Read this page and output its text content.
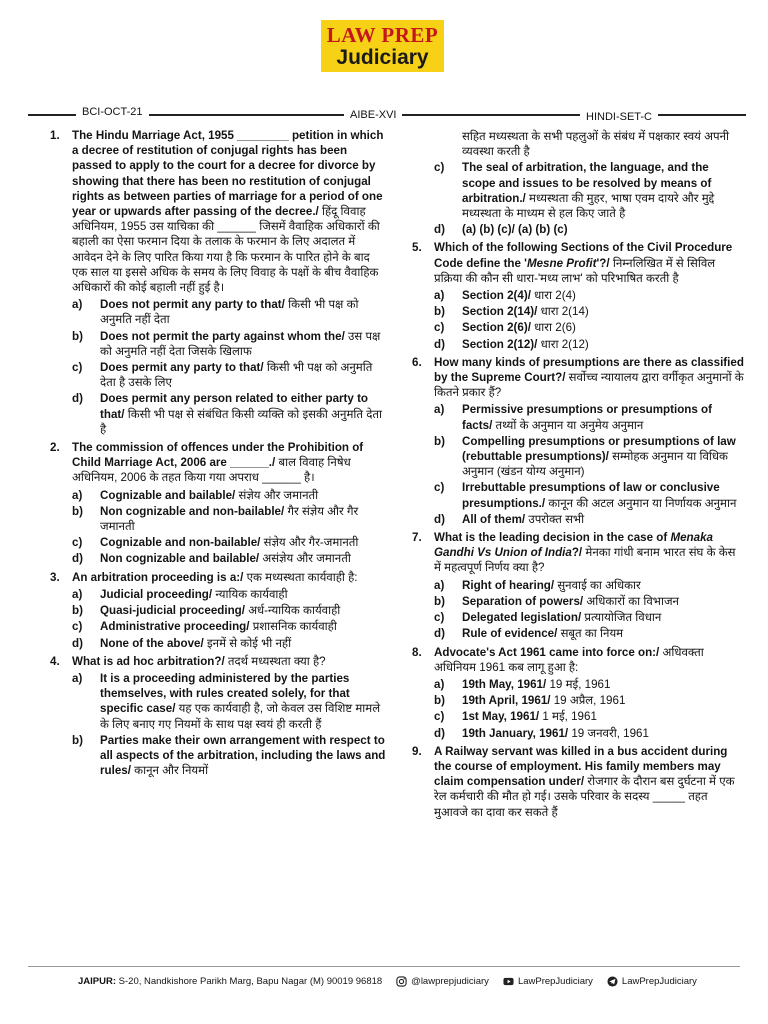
LAW PREP
Judiciary
BCI-OCT-21	AIBE-XVI	HINDI-SET-C
1. The Hindu Marriage Act, 1955 ________ petition in which a decree of restitution of conjugal rights has been passed to apply to the court for a decree for divorce by showing that there has been no restitution of conjugal rights as between parties of marriage for a period of one year or upwards after passing of the decree./ हिंदू विवाह अधिनियम, 1955 उस याचिका की ______ जिसमें वैवाहिक अधिकारों की बहाली का ऐसा फरमान दिया के तलाक के फरमान के लिए अदालत में आवेदन देने के लिए पारित किया गया है कि फरमान के पारित होने के बाद एक साल या इससे अधिक के समय के लिए विवाह के पक्षों के बीच वैवाहिक अधिकारों की कोई बहाली नहीं हुई है।
a) Does not permit any party to that/ किसी भी पक्ष को अनुमति नहीं देता
b) Does not permit the party against whom the/ उस पक्ष को अनुमति नहीं देता जिसके खिलाफ
c) Does permit any party to that/ किसी भी पक्ष को अनुमति देता है उसके लिए
d) Does permit any person related to either party to that/ किसी भी पक्ष से संबंधित किसी व्यक्ति को इसकी अनुमति देता है
2. The commission of offences under the Prohibition of Child Marriage Act, 2006 are ______./ बाल विवाह निषेध अधिनियम, 2006 के तहत किया गया अपराध ______ है।
a) Cognizable and bailable/ संज्ञेय और जमानती
b) Non cognizable and non-bailable/ गैर संज्ञेय और गैर जमानती
c) Cognizable and non-bailable/ संज्ञेय और गैर-जमानती
d) Non cognizable and bailable/ असंज्ञेय और जमानती
3. An arbitration proceeding is a:/ एक मध्यस्थता कार्यवाही है:
a) Judicial proceeding/ न्यायिक कार्यवाही
b) Quasi-judicial proceeding/ अर्ध-न्यायिक कार्यवाही
c) Administrative proceeding/ प्रशासनिक कार्यवाही
d) None of the above/ इनमें से कोई भी नहीं
4. What is ad hoc arbitration?/ तदर्थ मध्यस्थता क्या है?
a) It is a proceeding administered by the parties themselves, with rules created solely, for that specific case/ यह एक कार्यवाही है, जो केवल उस विशिष्ट मामले के लिए बनाए गए नियमों के साथ पक्ष स्वयं ही करती हैं
b) Parties make their own arrangement with respect to all aspects of the arbitration, including the laws and rules/ कानून और नियमों
सहित मध्यस्थता के सभी पहलुओं के संबंध में पक्षकार स्वयं अपनी व्यवस्था करती है
c) The seal of arbitration, the language, and the scope and issues to be resolved by means of arbitration./ मध्यस्थता की मुहर, भाषा एवम दायरे और मुद्दे मध्यस्थता के माध्यम से हल किए जाते है
d) (a) (b) (c)/ (a) (b) (c)
5. Which of the following Sections of the Civil Procedure Code define the 'Mesne Profit'?/ निम्नलिखित में से सिविल प्रक्रिया की कौन सी धारा-'मध्य लाभ' को परिभाषित करती है
a) Section 2(4)/ धारा 2(4)
b) Section 2(14)/ धारा 2(14)
c) Section 2(6)/ धारा 2(6)
d) Section 2(12)/ धारा 2(12)
6. How many kinds of presumptions are there as classified by the Supreme Court?/ सर्वोच्च न्यायालय द्वारा वर्गीकृत अनुमानों के कितने प्रकार हैं?
a) Permissive presumptions or presumptions of facts/ तथ्यों के अनुमान या अनुमेय अनुमान
b) Compelling presumptions or presumptions of law (rebuttable presumptions)/ सम्मोहक अनुमान या विधिक अनुमान (खंडन योग्य अनुमान)
c) Irrebuttable presumptions of law or conclusive presumptions./ कानून की अटल अनुमान या निर्णायक अनुमान
d) All of them/ उपरोक्त सभी
7. What is the leading decision in the case of Menaka Gandhi Vs Union of India?/ मेनका गांधी बनाम भारत संघ के केस में महत्वपूर्ण निर्णय क्या है?
a) Right of hearing/ सुनवाई का अधिकार
b) Separation of powers/ अधिकारों का विभाजन
c) Delegated legislation/ प्रत्यायोजित विधान
d) Rule of evidence/ सबूत का नियम
8. Advocate's Act 1961 came into force on:/ अधिवक्ता अधिनियम 1961 कब लागू हुआ है:
a) 19th May, 1961/ 19 मई, 1961
b) 19th April, 1961/ 19 अप्रैल, 1961
c) 1st May, 1961/ 1 मई, 1961
d) 19th January, 1961/ 19 जनवरी, 1961
9. A Railway servant was killed in a bus accident during the course of employment. His family members may claim compensation under/ रोजगार के दौरान बस दुर्घटना में एक रेल कर्मचारी की मौत हो गई। उसके परिवार के सदस्य _____ तहत मुआवजे का दावा कर सकते हैं
JAIPUR:
S-20, Nandkishore Parikh Marg, Bapu Nagar
(M) 90019 96818	@lawprepjudiciary	LawPrepJudiciary	LawPrepJudiciary
